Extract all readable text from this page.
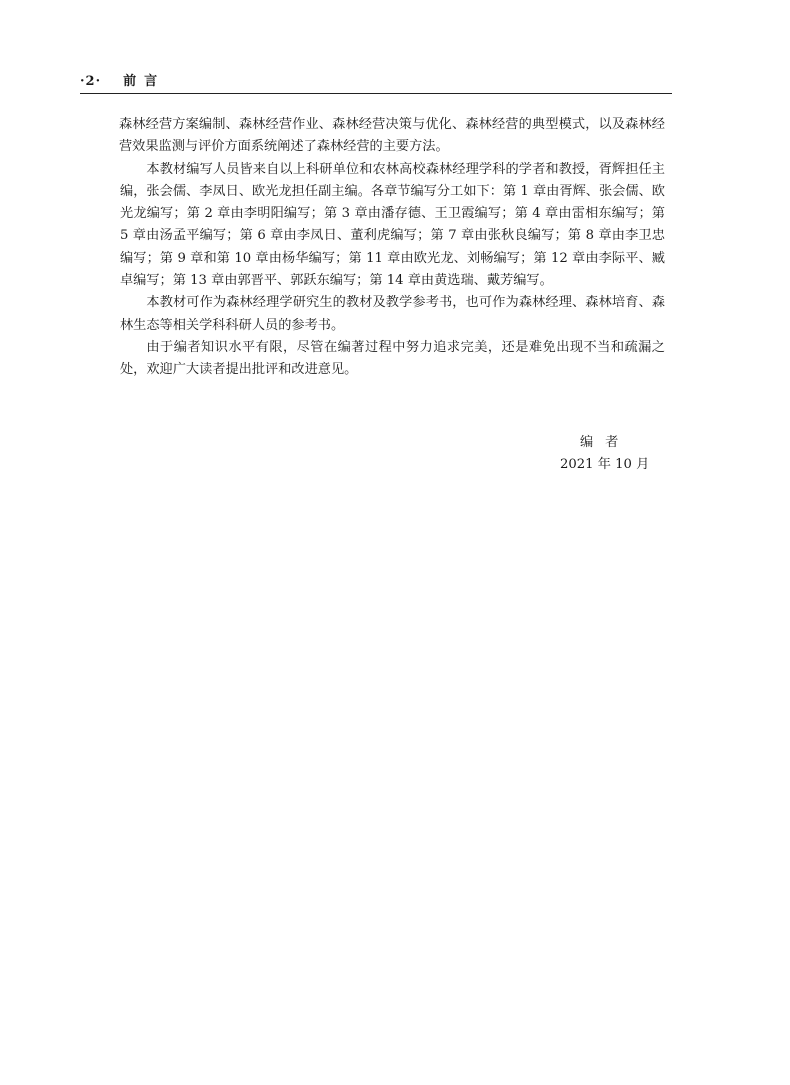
·2· 前言

森林经营方案编制、森林经营作业、森林经营决策与优化、森林经营的典型模式，以及森林经营效果监测与评价方面系统阐述了森林经营的主要方法。

本教材编写人员皆来自以上科研单位和农林高校森林经理学科的学者和教授，胥辉担任主编，张会儒、李凤日、欧光龙担任副主编。各章节编写分工如下：第 1 章由胥辉、张会儒、欧光龙编写；第 2 章由李明阳编写；第 3 章由潘存德、王卫霞编写；第 4 章由雷相东编写；第 5 章由汤孟平编写；第 6 章由李凤日、董利虎编写；第 7 章由张秋良编写；第 8 章由李卫忠编写；第 9 章和第 10 章由杨华编写；第 11 章由欧光龙、刘畅编写；第 12 章由李际平、臧卓编写；第 13 章由郭晋平、郭跃东编写；第 14 章由黄选瑞、戴芳编写。

本教材可作为森林经理学研究生的教材及教学参考书，也可作为森林经理、森林培育、森林生态等相关学科科研人员的参考书。

由于编者知识水平有限，尽管在编著过程中努力追求完美，还是难免出现不当和疏漏之处，欢迎广大读者提出批评和改进意见。

编者
2021 年 10 月
